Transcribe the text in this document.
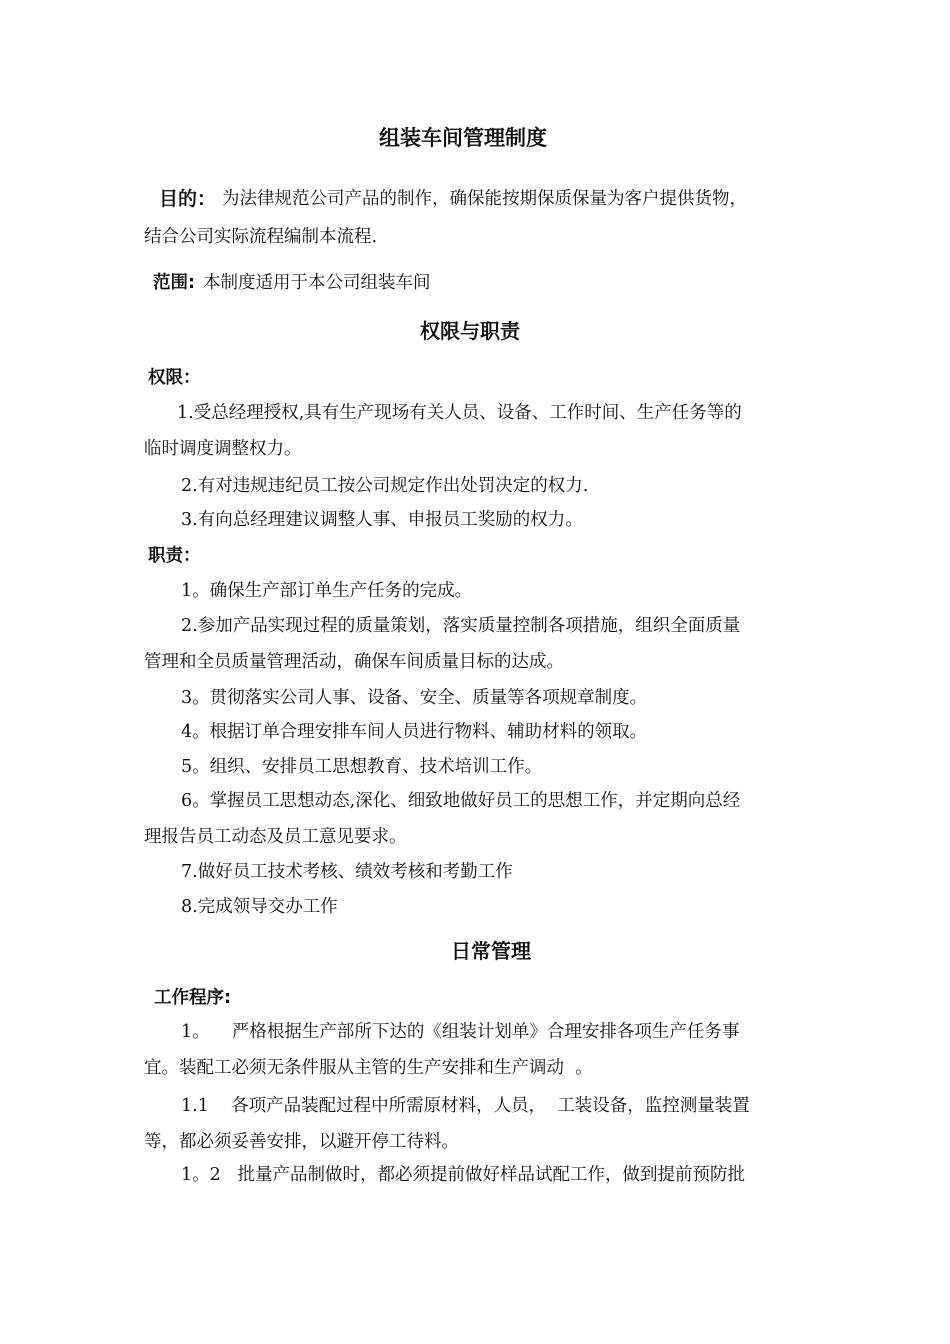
组装车间管理制度
目的： 为法律规范公司产品的制作，确保能按期保质保量为客户提供货物，
结合公司实际流程编制本流程.
范围: 本制度适用于本公司组装车间
权限与职责
权限：
1.受总经理授权,具有生产现场有关人员、设备、工作时间、生产任务等的
临时调度调整权力。
2.有对违规违纪员工按公司规定作出处罚决定的权力.
3.有向总经理建议调整人事、申报员工奖励的权力。
职责：
1。确保生产部订单生产任务的完成。
2.参加产品实现过程的质量策划，落实质量控制各项措施，组织全面质量
管理和全员质量管理活动，确保车间质量目标的达成。
3。贯彻落实公司人事、设备、安全、质量等各项规章制度。
4。根据订单合理安排车间人员进行物料、辅助材料的领取。
5。组织、安排员工思想教育、技术培训工作。
6。掌握员工思想动态,深化、细致地做好员工的思想工作，并定期向总经
理报告员工动态及员工意见要求。
7.做好员工技术考核、绩效考核和考勤工作
8.完成领导交办工作
日常管理
工作程序:
1。    严格根据生产部所下达的《组装计划单》合理安排各项生产任务事
宜。装配工必须无条件服从主管的生产安排和生产调动  。
1.1    各项产品装配过程中所需原材料，人员，  工装设备，监控测量装置
等，都必须妥善安排，以避开停工待料。
1。2   批量产品制做时，都必须提前做好样品试配工作，做到提前预防批
